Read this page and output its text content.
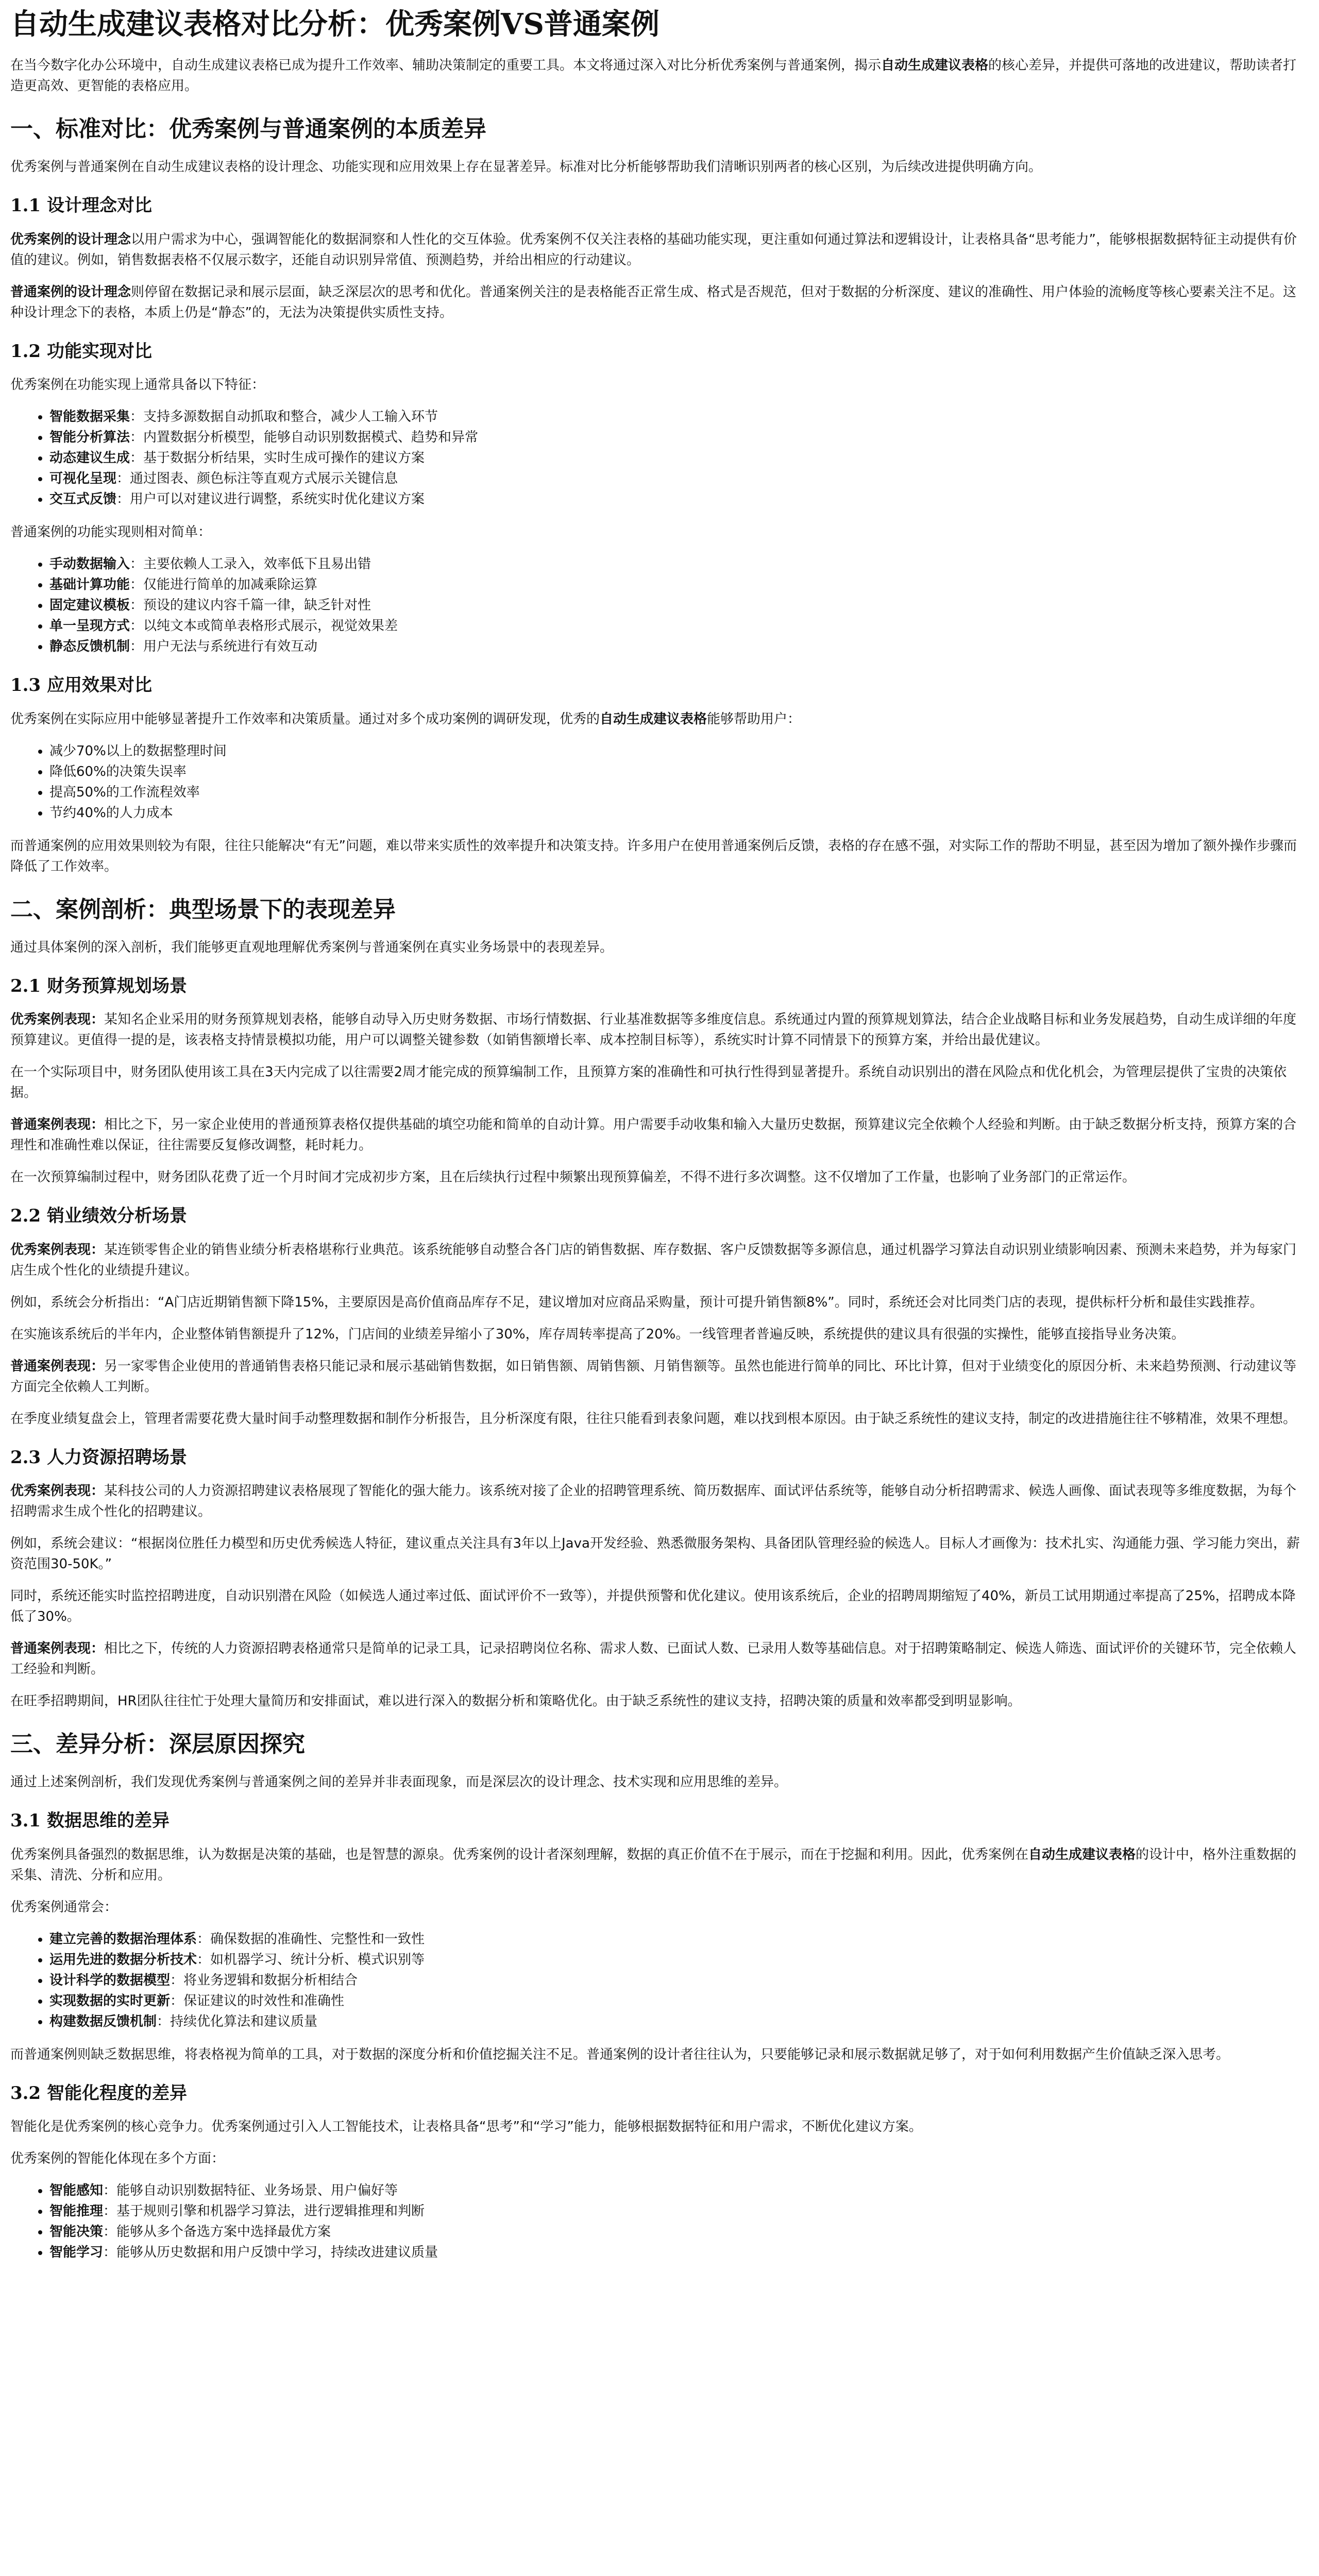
自动生成建议表格对比分析：优秀案例VS普通案例

在当今数字化办公环境中，自动生成建议表格已成为提升工作效率、辅助决策制定的重要工具。本文将通过深入对比分析优秀案例与普通案例，揭示自动生成建议表格的核心差异，并提供可落地的改进建议，帮助读者打造更高效、更智能的表格应用。

一、标准对比：优秀案例与普通案例的本质差异

优秀案例与普通案例在自动生成建议表格的设计理念、功能实现和应用效果上存在显著差异。标准对比分析能够帮助我们清晰识别两者的核心区别，为后续改进提供明确方向。

1.1 设计理念对比

优秀案例的设计理念以用户需求为中心，强调智能化的数据洞察和人性化的交互体验。优秀案例不仅关注表格的基础功能实现，更注重如何通过算法和逻辑设计，让表格具备“思考能力”，能够根据数据特征主动提供有价值的建议。例如，销售数据表格不仅展示数字，还能自动识别异常值、预测趋势，并给出相应的行动建议。

普通案例的设计理念则停留在数据记录和展示层面，缺乏深层次的思考和优化。普通案例关注的是表格能否正常生成、格式是否规范，但对于数据的分析深度、建议的准确性、用户体验的流畅度等核心要素关注不足。这种设计理念下的表格，本质上仍是“静态”的，无法为决策提供实质性支持。

1.2 功能实现对比

优秀案例在功能实现上通常具备以下特征：

• 智能数据采集：支持多源数据自动抓取和整合，减少人工输入环节
• 智能分析算法：内置数据分析模型，能够自动识别数据模式、趋势和异常
• 动态建议生成：基于数据分析结果，实时生成可操作的建议方案
• 可视化呈现：通过图表、颜色标注等直观方式展示关键信息
• 交互式反馈：用户可以对建议进行调整，系统实时优化建议方案

普通案例的功能实现则相对简单：

• 手动数据输入：主要依赖人工录入，效率低下且易出错
• 基础计算功能：仅能进行简单的加减乘除运算
• 固定建议模板：预设的建议内容千篇一律，缺乏针对性
• 单一呈现方式：以纯文本或简单表格形式展示，视觉效果差
• 静态反馈机制：用户无法与系统进行有效互动
1.3 应用效果对比

优秀案例在实际应用中能够显著提升工作效率和决策质量。通过对多个成功案例的调研发现，优秀的自动生成建议表格能够帮助用户：

• 减少70%以上的数据整理时间
• 降低60%的决策失误率
• 提高50%的工作流程效率
• 节约40%的人力成本

而普通案例的应用效果则较为有限，往往只能解决“有无”问题，难以带来实质性的效率提升和决策支持。许多用户在使用普通案例后反馈，表格的存在感不强，对实际工作的帮助不明显，甚至因为增加了额外操作步骤而降低了工作效率。

二、案例剖析：典型场景下的表现差异

通过具体案例的深入剖析，我们能够更直观地理解优秀案例与普通案例在真实业务场景中的表现差异。

2.1 财务预算规划场景

优秀案例表现：某知名企业采用的财务预算规划表格，能够自动导入历史财务数据、市场行情数据、行业基准数据等多维度信息。系统通过内置的预算规划算法，结合企业战略目标和业务发展趋势，自动生成详细的年度预算建议。更值得一提的是，该表格支持情景模拟功能，用户可以调整关键参数（如销售额增长率、成本控制目标等），系统实时计算不同情景下的预算方案，并给出最优建议。

在一个实际项目中，财务团队使用该工具在3天内完成了以往需要2周才能完成的预算编制工作，且预算方案的准确性和可执行性得到显著提升。系统自动识别出的潜在风险点和优化机会，为管理层提供了宝贵的决策依据。

普通案例表现：相比之下，另一家企业使用的普通预算表格仅提供基础的填空功能和简单的自动计算。用户需要手动收集和输入大量历史数据，预算建议完全依赖个人经验和判断。由于缺乏数据分析支持，预算方案的合理性和准确性难以保证，往往需要反复修改调整，耗时耗力。

在一次预算编制过程中，财务团队花费了近一个月时间才完成初步方案，且在后续执行过程中频繁出现预算偏差，不得不进行多次调整。这不仅增加了工作量，也影响了业务部门的正常运作。

2.2 销业绩效分析场景

优秀案例表现：某连锁零售企业的销售业绩分析表格堪称行业典范。该系统能够自动整合各门店的销售数据、库存数据、客户反馈数据等多源信息，通过机器学习算法自动识别业绩影响因素、预测未来趋势，并为每家门店生成个性化的业绩提升建议。

例如，系统会分析指出：“A门店近期销售额下降15%，主要原因是高价值商品库存不足，建议增加对应商品采购量，预计可提升销售额8%”。同时，系统还会对比同类门店的表现，提供标杆分析和最佳实践推荐。

在实施该系统后的半年内，企业整体销售额提升了12%，门店间的业绩差异缩小了30%，库存周转率提高了20%。一线管理者普遍反映，系统提供的建议具有很强的实操性，能够直接指导业务决策。

普通案例表现：另一家零售企业使用的普通销售表格只能记录和展示基础销售数据，如日销售额、周销售额、月销售额等。虽然也能进行简单的同比、环比计算，但对于业绩变化的原因分析、未来趋势预测、行动建议等方面完全依赖人工判断。

在季度业绩复盘会上，管理者需要花费大量时间手动整理数据和制作分析报告，且分析深度有限，往往只能看到表象问题，难以找到根本原因。由于缺乏系统性的建议支持，制定的改进措施往往不够精准，效果不理想。

2.3 人力资源招聘场景

优秀案例表现：某科技公司的人力资源招聘建议表格展现了智能化的强大能力。该系统对接了企业的招聘管理系统、简历数据库、面试评估系统等，能够自动分析招聘需求、候选人画像、面试表现等多维度数据，为每个招聘需求生成个性化的招聘建议。

例如，系统会建议：“根据岗位胜任力模型和历史优秀候选人特征，建议重点关注具有3年以上Java开发经验、熟悉微服务架构、具备团队管理经验的候选人。目标人才画像为：技术扎实、沟通能力强、学习能力突出，薪资范围30-50K。”

同时，系统还能实时监控招聘进度，自动识别潜在风险（如候选人通过率过低、面试评价不一致等），并提供预警和优化建议。使用该系统后，企业的招聘周期缩短了40%，新员工试用期通过率提高了25%，招聘成本降低了30%。

普通案例表现：相比之下，传统的人力资源招聘表格通常只是简单的记录工具，记录招聘岗位名称、需求人数、已面试人数、已录用人数等基础信息。对于招聘策略制定、候选人筛选、面试评价的关键环节，完全依赖人工经验和判断。

在旺季招聘期间，HR团队往往忙于处理大量简历和安排面试，难以进行深入的数据分析和策略优化。由于缺乏系统性的建议支持，招聘决策的质量和效率都受到明显影响。

三、差异分析：深层原因探究

通过上述案例剖析，我们发现优秀案例与普通案例之间的差异并非表面现象，而是深层次的设计理念、技术实现和应用思维的差异。

3.1 数据思维的差异

优秀案例具备强烈的数据思维，认为数据是决策的基础，也是智慧的源泉。优秀案例的设计者深刻理解，数据的真正价值不在于展示，而在于挖掘和利用。因此，优秀案例在自动生成建议表格的设计中，格外注重数据的采集、清洗、分析和应用。

优秀案例通常会：

• 建立完善的数据治理体系：确保数据的准确性、完整性和一致性
• 运用先进的数据分析技术：如机器学习、统计分析、模式识别等
• 设计科学的数据模型：将业务逻辑和数据分析相结合
• 实现数据的实时更新：保证建议的时效性和准确性
• 构建数据反馈机制：持续优化算法和建议质量

而普通案例则缺乏数据思维，将表格视为简单的工具，对于数据的深度分析和价值挖掘关注不足。普通案例的设计者往往认为，只要能够记录和展示数据就足够了，对于如何利用数据产生价值缺乏深入思考。

3.2 智能化程度的差异

智能化是优秀案例的核心竞争力。优秀案例通过引入人工智能技术，让表格具备“思考”和“学习”能力，能够根据数据特征和用户需求，不断优化建议方案。

优秀案例的智能化体现在多个方面：

• 智能感知：能够自动识别数据特征、业务场景、用户偏好等
• 智能推理：基于规则引擎和机器学习算法，进行逻辑推理和判断
• 智能决策：能够从多个备选方案中选择最优方案
• 智能学习：能够从历史数据和用户反馈中学习，持续改进建议质量
